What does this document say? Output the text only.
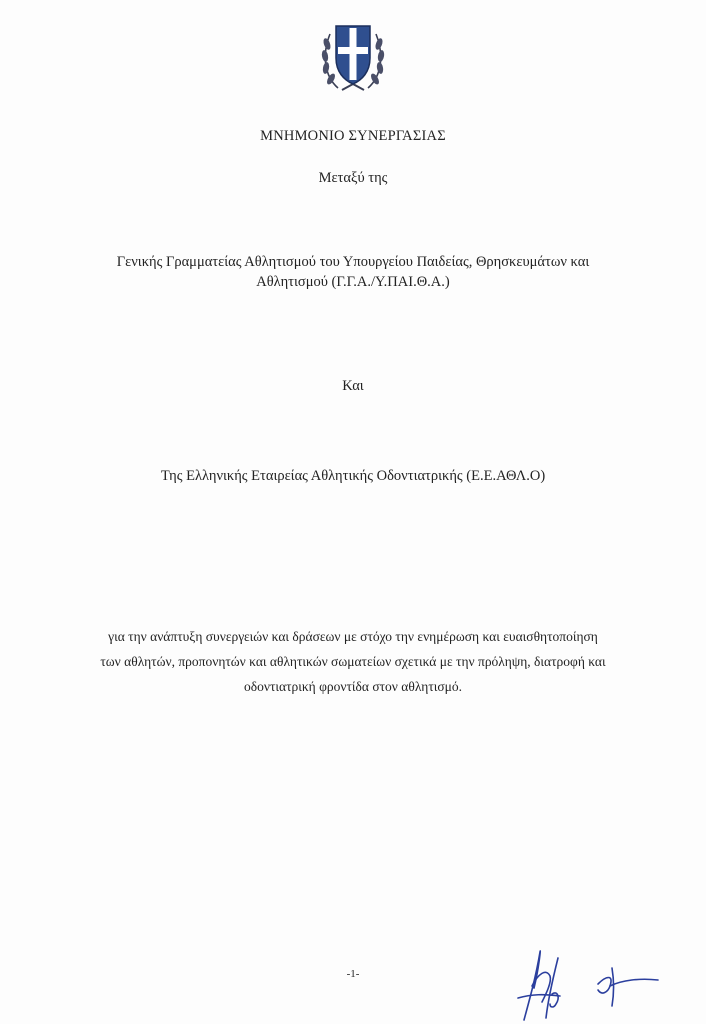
ΜΝΗΜΟΝΙΟ ΣΥΝΕΡΓΑΣΙΑΣ
Μεταξύ της
Γενικής Γραμματείας Αθλητισμού του Υπουργείου Παιδείας, Θρησκευμάτων και
Αθλητισμού (Γ.Γ.Α./Υ.ΠΑΙ.Θ.Α.)
Και
Της Ελληνικής Εταιρείας Αθλητικής Οδοντιατρικής (Ε.Ε.ΑΘΛ.Ο)
για την ανάπτυξη συνεργειών και δράσεων με στόχο την ενημέρωση και ευαισθητοποίηση
των αθλητών, προπονητών και αθλητικών σωματείων σχετικά με την πρόληψη, διατροφή και
οδοντιατρική φροντίδα στον αθλητισμό.
-1-
